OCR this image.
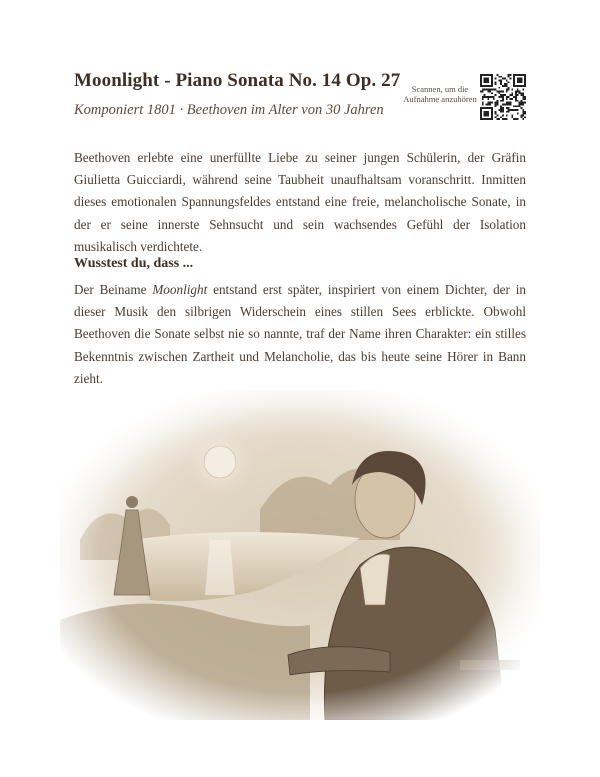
Moonlight - Piano Sonata No. 14 Op. 27

Komponiert 1801 · Beethoven im Alter von 30 Jahren

Scannen, um die Aufnahme anzuhören

Beethoven erlebte eine unerfüllte Liebe zu seiner jungen Schülerin, der Gräfin Giulietta Guicciardi, während seine Taubheit unaufhaltsam voranschritt. Inmitten dieses emotionalen Spannungsfeldes entstand eine freie, melancholische Sonate, in der er seine innerste Sehnsucht und sein wachsendes Gefühl der Isolation musikalisch verdichtete.

Wusstest du, dass ...

Der Beiname Moonlight entstand erst später, inspiriert von einem Dichter, der in dieser Musik den silbrigen Widerschein eines stillen Sees erblickte. Obwohl Beethoven die Sonate selbst nie so nannte, traf der Name ihren Charakter: ein stilles Bekenntnis zwischen Zartheit und Melancholie, das bis heute seine Hörer in Bann zieht.
